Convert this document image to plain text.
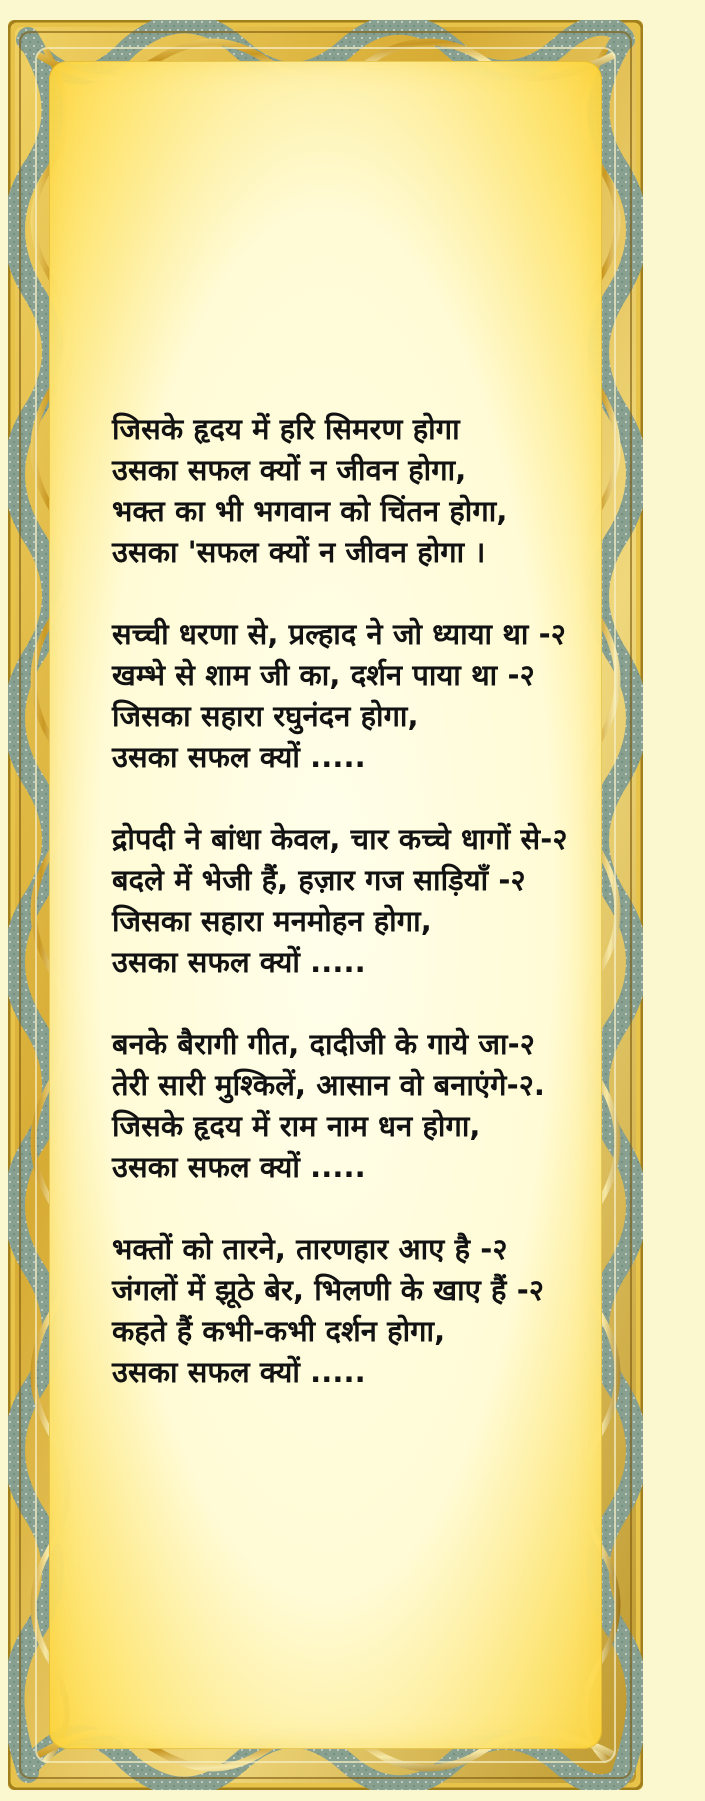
जिसके हृदय में हरि सिमरण होगा
उसका सफल क्यों न जीवन होगा,
भक्त का भी भगवान को चिंतन होगा,
उसका 'सफल क्यों न जीवन होगा ।
सच्ची धरणा से, प्रल्हाद ने जो ध्याया था -२
खम्भे से शाम जी का, दर्शन पाया था -२
जिसका सहारा रघुनंदन होगा,
उसका सफल क्यों .....
द्रोपदी ने बांधा केवल, चार कच्चे धागों से-२
बदले में भेजी हैं, हज़ार गज साड़ियाँ -२
जिसका सहारा मनमोहन होगा,
उसका सफल क्यों .....
बनके बैरागी गीत, दादीजी के गाये जा-२
तेरी सारी मुश्किलें, आसान वो बनाएंगे-२.
जिसके हृदय में राम नाम धन होगा,
उसका सफल क्यों .....
भक्तों को तारने, तारणहार आए है -२
जंगलों में झूठे बेर, भिलणी के खाए हैं -२
कहते हैं कभी-कभी दर्शन होगा,
उसका सफल क्यों .....
